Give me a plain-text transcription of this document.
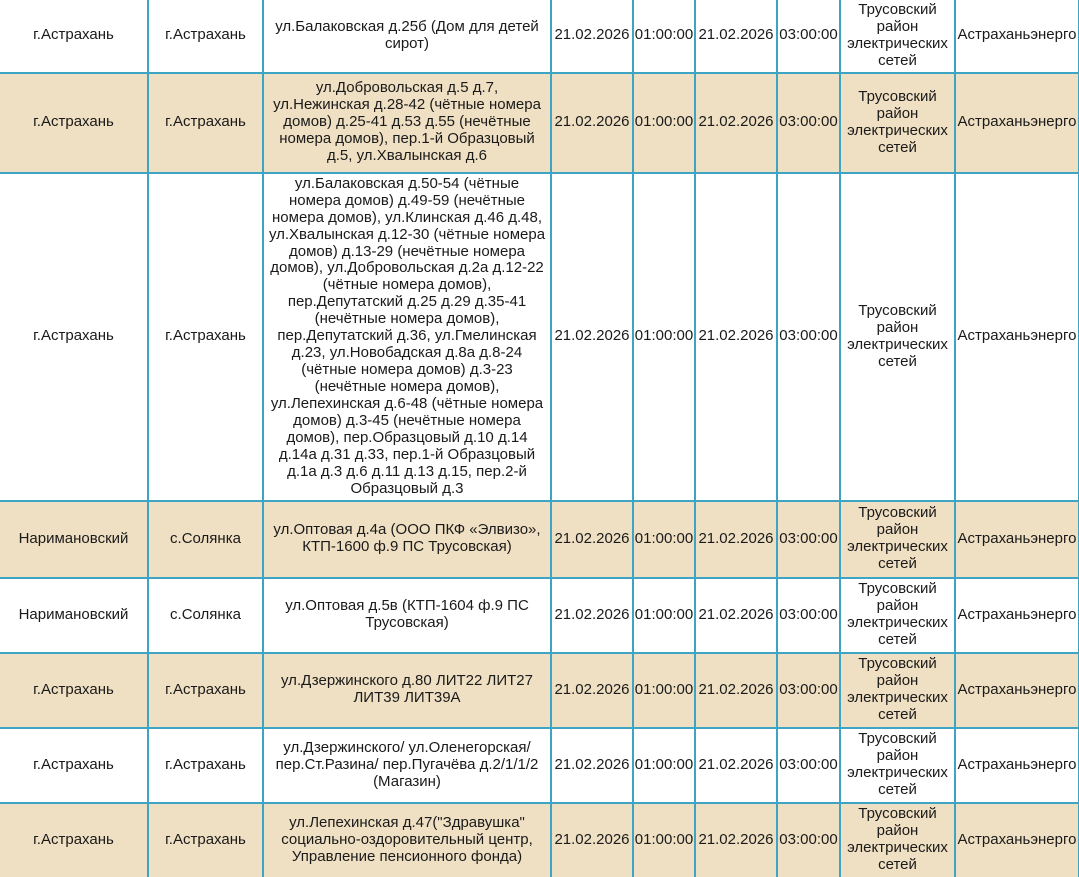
г.Астрахань	г.Астрахань	ул.Балаковская д.25б (Дом для детей сирот)	21.02.2026	01:00:00	21.02.2026	03:00:00	Трусовский район электрических сетей	Астраханьэнерго
г.Астрахань	г.Астрахань	ул.Добровольская д.5 д.7, ул.Нежинская д.28-42 (чётные номера домов) д.25-41 д.53 д.55 (нечётные номера домов), пер.1-й Образцовый д.5, ул.Хвалынская д.6	21.02.2026	01:00:00	21.02.2026	03:00:00	Трусовский район электрических сетей	Астраханьэнерго
г.Астрахань	г.Астрахань	ул.Балаковская д.50-54 (чётные номера домов) д.49-59 (нечётные номера домов), ул.Клинская д.46 д.48, ул.Хвалынская д.12-30 (чётные номера домов) д.13-29 (нечётные номера домов), ул.Добровольская д.2а д.12-22 (чётные номера домов), пер.Депутатский д.25 д.29 д.35-41 (нечётные номера домов), пер.Депутатский д.36, ул.Гмелинская д.23, ул.Новобадская д.8а д.8-24 (чётные номера домов) д.3-23 (нечётные номера домов), ул.Лепехинская д.6-48 (чётные номера домов) д.3-45 (нечётные номера домов), пер.Образцовый д.10 д.14 д.14а д.31 д.33, пер.1-й Образцовый д.1а д.3 д.6 д.11 д.13 д.15, пер.2-й Образцовый д.3	21.02.2026	01:00:00	21.02.2026	03:00:00	Трусовский район электрических сетей	Астраханьэнерго
Наримановский	с.Солянка	ул.Оптовая д.4а (ООО ПКФ «Элвизо», КТП-1600 ф.9 ПС Трусовская)	21.02.2026	01:00:00	21.02.2026	03:00:00	Трусовский район электрических сетей	Астраханьэнерго
Наримановский	с.Солянка	ул.Оптовая д.5в (КТП-1604 ф.9 ПС Трусовская)	21.02.2026	01:00:00	21.02.2026	03:00:00	Трусовский район электрических сетей	Астраханьэнерго
г.Астрахань	г.Астрахань	ул.Дзержинского д.80 ЛИТ22 ЛИТ27 ЛИТ39 ЛИТ39А	21.02.2026	01:00:00	21.02.2026	03:00:00	Трусовский район электрических сетей	Астраханьэнерго
г.Астрахань	г.Астрахань	ул.Дзержинского/ ул.Оленегорская/ пер.Ст.Разина/ пер.Пугачёва д.2/1/1/2 (Магазин)	21.02.2026	01:00:00	21.02.2026	03:00:00	Трусовский район электрических сетей	Астраханьэнерго
г.Астрахань	г.Астрахань	ул.Лепехинская д.47("Здравушка" социально-оздоровительный центр, Управление пенсионного фонда)	21.02.2026	01:00:00	21.02.2026	03:00:00	Трусовский район электрических сетей	Астраханьэнерго
